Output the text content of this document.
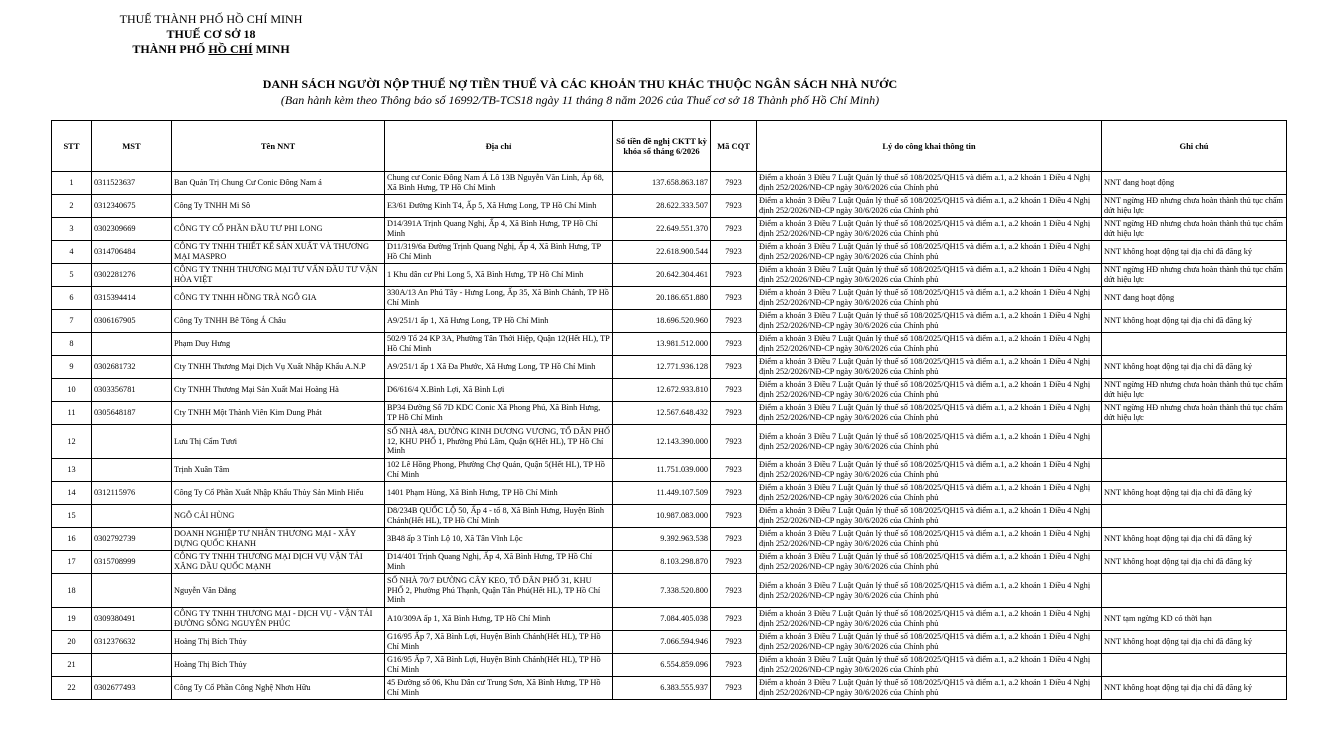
THUẾ THÀNH PHỐ HỒ CHÍ MINH
THUẾ CƠ SỞ 18
THÀNH PHỐ HỒ CHÍ MINH
DANH SÁCH NGƯỜI NỘP THUẾ NỢ TIỀN THUẾ VÀ CÁC KHOẢN THU KHÁC THUỘC NGÂN SÁCH NHÀ NƯỚC
(Ban hành kèm theo Thông báo số 16992/TB-TCS18 ngày 11 tháng 8 năm 2026 của Thuế cơ sở 18 Thành phố Hồ Chí Minh)
STT	MST	Tên NNT	Địa chỉ	Số tiền đề nghị CKTT kỳ khóa sổ tháng 6/2026	Mã CQT	Lý do công khai thông tin	Ghi chú
1	0311523637	Ban Quản Trị Chung Cư Conic Đông Nam á	Chung cư Conic Đông Nam Á Lô 13B Nguyễn Văn Linh, Áp 68, Xã Bình Hưng, TP Hồ Chí Minh	137.658.863.187	7923	Điểm a khoản 3 Điều 7 Luật Quản lý thuế số 108/2025/QH15 và điểm a.1, a.2 khoản 1 Điều 4 Nghị định 252/2026/NĐ-CP ngày 30/6/2026 của Chính phủ	NNT đang hoạt động
2	0312340675	Công Ty TNHH Mi Sô	E3/61 Đường Kinh T4, Ấp 5, Xã Hưng Long, TP Hồ Chí Minh	28.622.333.507	7923	Điểm a khoản 3 Điều 7 Luật Quản lý thuế số 108/2025/QH15 và điểm a.1, a.2 khoản 1 Điều 4 Nghị định 252/2026/NĐ-CP ngày 30/6/2026 của Chính phủ	NNT ngừng HĐ nhưng chưa hoàn thành thủ tục chấm dứt hiệu lực
3	0302309669	CÔNG TY CỔ PHẦN ĐẦU TƯ PHI LONG	D14/391A Trịnh Quang Nghị, Ấp 4, Xã Bình Hưng, TP Hồ Chí Minh	22.649.551.370	7923	Điểm a khoản 3 Điều 7 Luật Quản lý thuế số 108/2025/QH15 và điểm a.1, a.2 khoản 1 Điều 4 Nghị định 252/2026/NĐ-CP ngày 30/6/2026 của Chính phủ	NNT ngừng HĐ nhưng chưa hoàn thành thủ tục chấm dứt hiệu lực
4	0314706484	CÔNG TY TNHH THIẾT KẾ SẢN XUẤT VÀ THƯƠNG MẠI MASPRO	D11/319/6a Đường Trịnh Quang Nghị, Ấp 4, Xã Bình Hưng, TP Hồ Chí Minh	22.618.900.544	7923	Điểm a khoản 3 Điều 7 Luật Quản lý thuế số 108/2025/QH15 và điểm a.1, a.2 khoản 1 Điều 4 Nghị định 252/2026/NĐ-CP ngày 30/6/2026 của Chính phủ	NNT không hoạt động tại địa chỉ đã đăng ký
5	0302281276	CÔNG TY TNHH THƯƠNG MẠI TƯ VẤN ĐẦU TƯ VẬN HÒA VIỆT	1 Khu dân cư Phi Long 5, Xã Bình Hưng, TP Hồ Chí Minh	20.642.304.461	7923	Điểm a khoản 3 Điều 7 Luật Quản lý thuế số 108/2025/QH15 và điểm a.1, a.2 khoản 1 Điều 4 Nghị định 252/2026/NĐ-CP ngày 30/6/2026 của Chính phủ	NNT ngừng HĐ nhưng chưa hoàn thành thủ tục chấm dứt hiệu lực
6	0315394414	CÔNG TY TNHH HỒNG TRÀ NGÔ GIA	330A/13 An Phú Tây - Hưng Long, Ấp 35, Xã Bình Chánh, TP Hồ Chí Minh	20.186.651.880	7923	Điểm a khoản 3 Điều 7 Luật Quản lý thuế số 108/2025/QH15 và điểm a.1, a.2 khoản 1 Điều 4 Nghị định 252/2026/NĐ-CP ngày 30/6/2026 của Chính phủ	NNT đang hoạt động
7	0306167905	Công Ty TNHH Bê Tông Á Châu	A9/251/1 ấp 1, Xã Hưng Long, TP Hồ Chí Minh	18.696.520.960	7923	Điểm a khoản 3 Điều 7 Luật Quản lý thuế số 108/2025/QH15 và điểm a.1, a.2 khoản 1 Điều 4 Nghị định 252/2026/NĐ-CP ngày 30/6/2026 của Chính phủ	NNT không hoạt động tại địa chỉ đã đăng ký
8		Phạm Duy Hưng	502/9 Tổ 24 KP 3A, Phường Tân Thới Hiệp, Quận 12(Hết HL), TP Hồ Chí Minh	13.981.512.000	7923	Điểm a khoản 3 Điều 7 Luật Quản lý thuế số 108/2025/QH15 và điểm a.1, a.2 khoản 1 Điều 4 Nghị định 252/2026/NĐ-CP ngày 30/6/2026 của Chính phủ	
9	0302681732	Cty TNHH Thương Mại Dịch Vụ Xuất Nhập Khẩu A.N.P	A9/251/1 ấp 1 Xã Đa Phước, Xã Hưng Long, TP Hồ Chí Minh	12.771.936.128	7923	Điểm a khoản 3 Điều 7 Luật Quản lý thuế số 108/2025/QH15 và điểm a.1, a.2 khoản 1 Điều 4 Nghị định 252/2026/NĐ-CP ngày 30/6/2026 của Chính phủ	NNT không hoạt động tại địa chỉ đã đăng ký
10	0303356781	Cty TNHH Thương Mại Sản Xuất Mai Hoàng Hà	D6/616/4 X.Bình Lợi, Xã Bình Lợi	12.672.933.810	7923	Điểm a khoản 3 Điều 7 Luật Quản lý thuế số 108/2025/QH15 và điểm a.1, a.2 khoản 1 Điều 4 Nghị định 252/2026/NĐ-CP ngày 30/6/2026 của Chính phủ	NNT ngừng HĐ nhưng chưa hoàn thành thủ tục chấm dứt hiệu lực
11	0305648187	Cty TNHH Một Thành Viên Kim Dung Phát	BP34 Đường Số 7D KDC Conic Xã Phong Phú, Xã Bình Hưng, TP Hồ Chí Minh	12.567.648.432	7923	Điểm a khoản 3 Điều 7 Luật Quản lý thuế số 108/2025/QH15 và điểm a.1, a.2 khoản 1 Điều 4 Nghị định 252/2026/NĐ-CP ngày 30/6/2026 của Chính phủ	NNT ngừng HĐ nhưng chưa hoàn thành thủ tục chấm dứt hiệu lực
12		Lưu Thị Cẩm Tươi	SỐ NHÀ 48A, ĐƯỜNG KINH DƯƠNG VƯƠNG, TỔ DÂN PHỐ 12, KHU PHỐ 1, Phường Phú Lâm, Quận 6(Hết HL), TP Hồ Chí Minh	12.143.390.000	7923	Điểm a khoản 3 Điều 7 Luật Quản lý thuế số 108/2025/QH15 và điểm a.1, a.2 khoản 1 Điều 4 Nghị định 252/2026/NĐ-CP ngày 30/6/2026 của Chính phủ	
13		Trịnh Xuân Tâm	102 Lê Hồng Phong, Phường Chợ Quán, Quận 5(Hết HL), TP Hồ Chí Minh	11.751.039.000	7923	Điểm a khoản 3 Điều 7 Luật Quản lý thuế số 108/2025/QH15 và điểm a.1, a.2 khoản 1 Điều 4 Nghị định 252/2026/NĐ-CP ngày 30/6/2026 của Chính phủ	
14	0312115976	Công Ty Cổ Phần Xuất Nhập Khẩu Thủy Sản Minh Hiếu	1401 Phạm Hùng, Xã Bình Hưng, TP Hồ Chí Minh	11.449.107.509	7923	Điểm a khoản 3 Điều 7 Luật Quản lý thuế số 108/2025/QH15 và điểm a.1, a.2 khoản 1 Điều 4 Nghị định 252/2026/NĐ-CP ngày 30/6/2026 của Chính phủ	NNT không hoạt động tại địa chỉ đã đăng ký
15		NGÔ CẢI HÙNG	D8/234B QUỐC LỘ 50, Ấp 4 - tổ 8, Xã Bình Hưng, Huyện Bình Chánh(Hết HL), TP Hồ Chí Minh	10.987.083.000	7923	Điểm a khoản 3 Điều 7 Luật Quản lý thuế số 108/2025/QH15 và điểm a.1, a.2 khoản 1 Điều 4 Nghị định 252/2026/NĐ-CP ngày 30/6/2026 của Chính phủ	
16	0302792739	DOANH NGHIỆP TƯ NHÂN THƯƠNG MẠI - XÂY DỰNG QUỐC KHANH	3B48 ấp 3 Tỉnh Lộ 10, Xã Tân Vĩnh Lộc	9.392.963.538	7923	Điểm a khoản 3 Điều 7 Luật Quản lý thuế số 108/2025/QH15 và điểm a.1, a.2 khoản 1 Điều 4 Nghị định 252/2026/NĐ-CP ngày 30/6/2026 của Chính phủ	NNT không hoạt động tại địa chỉ đã đăng ký
17	0315708999	CÔNG TY TNHH THƯƠNG MẠI DỊCH VỤ VẬN TẢI XĂNG DẦU QUỐC MẠNH	D14/401 Trịnh Quang Nghị, Ấp 4, Xã Bình Hưng, TP Hồ Chí Minh	8.103.298.870	7923	Điểm a khoản 3 Điều 7 Luật Quản lý thuế số 108/2025/QH15 và điểm a.1, a.2 khoản 1 Điều 4 Nghị định 252/2026/NĐ-CP ngày 30/6/2026 của Chính phủ	NNT không hoạt động tại địa chỉ đã đăng ký
18		Nguyễn Văn Đẳng	SỐ NHÀ 70/7 ĐƯỜNG CÂY KEO, TỔ DÂN PHỐ 31, KHU PHỐ 2, Phường Phú Thạnh, Quận Tân Phú(Hết HL), TP Hồ Chí Minh	7.338.520.800	7923	Điểm a khoản 3 Điều 7 Luật Quản lý thuế số 108/2025/QH15 và điểm a.1, a.2 khoản 1 Điều 4 Nghị định 252/2026/NĐ-CP ngày 30/6/2026 của Chính phủ	
19	0309380491	CÔNG TY TNHH THƯƠNG MẠI - DỊCH VỤ - VẬN TẢI ĐƯỜNG SÔNG NGUYÊN PHÚC	A10/309A ấp 1, Xã Bình Hưng, TP Hồ Chí Minh	7.084.405.038	7923	Điểm a khoản 3 Điều 7 Luật Quản lý thuế số 108/2025/QH15 và điểm a.1, a.2 khoản 1 Điều 4 Nghị định 252/2026/NĐ-CP ngày 30/6/2026 của Chính phủ	NNT tạm ngừng KD có thời hạn
20	0312376632	Hoàng Thị Bích Thủy	G16/95 Ấp 7, Xã Bình Lợi, Huyện Bình Chánh(Hết HL), TP Hồ Chí Minh	7.066.594.946	7923	Điểm a khoản 3 Điều 7 Luật Quản lý thuế số 108/2025/QH15 và điểm a.1, a.2 khoản 1 Điều 4 Nghị định 252/2026/NĐ-CP ngày 30/6/2026 của Chính phủ	NNT không hoạt động tại địa chỉ đã đăng ký
21		Hoàng Thị Bích Thủy	G16/95 Ấp 7, Xã Bình Lợi, Huyện Bình Chánh(Hết HL), TP Hồ Chí Minh	6.554.859.096	7923	Điểm a khoản 3 Điều 7 Luật Quản lý thuế số 108/2025/QH15 và điểm a.1, a.2 khoản 1 Điều 4 Nghị định 252/2026/NĐ-CP ngày 30/6/2026 của Chính phủ	
22	0302677493	Công Ty Cổ Phần Công Nghệ Nhơn Hữu	45 Đường số 06, Khu Dân cư Trung Sơn, Xã Bình Hưng, TP Hồ Chí Minh	6.383.555.937	7923	Điểm a khoản 3 Điều 7 Luật Quản lý thuế số 108/2025/QH15 và điểm a.1, a.2 khoản 1 Điều 4 Nghị định 252/2026/NĐ-CP ngày 30/6/2026 của Chính phủ	NNT không hoạt động tại địa chỉ đã đăng ký
